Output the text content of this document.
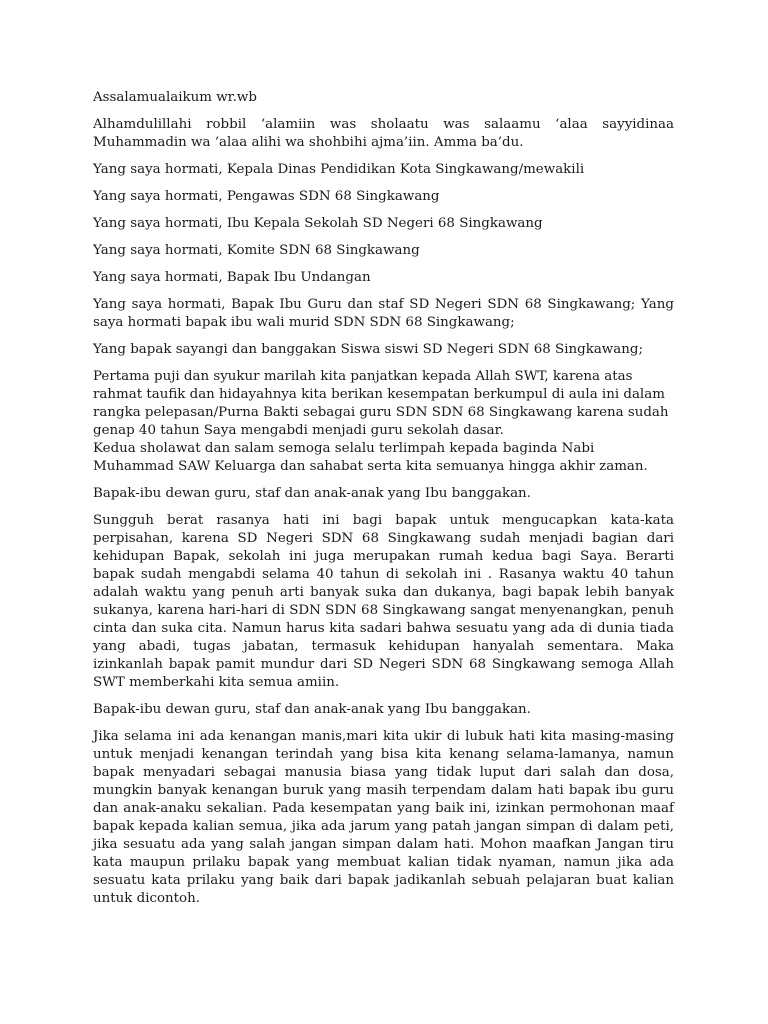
Assalamualaikum wr.wb

Alhamdulillahi robbil ‘alamiin was sholaatu was salaamu ‘alaa sayyidinaa Muhammadin wa ‘alaa alihi wa shohbihi ajma’iin. Amma ba’du.

Yang saya hormati, Kepala Dinas Pendidikan Kota Singkawang/mewakili

Yang saya hormati, Pengawas SDN 68 Singkawang

Yang saya hormati, Ibu Kepala Sekolah SD Negeri 68 Singkawang

Yang saya hormati, Komite SDN 68 Singkawang

Yang saya hormati, Bapak Ibu Undangan

Yang saya hormati, Bapak Ibu Guru dan staf SD Negeri SDN 68 Singkawang; Yang saya hormati bapak ibu wali murid SDN SDN 68 Singkawang;

Yang bapak sayangi dan banggakan Siswa siswi SD Negeri SDN 68 Singkawang;

Pertama puji dan syukur marilah kita panjatkan kepada Allah SWT, karena atas rahmat taufik dan hidayahnya kita berikan kesempatan berkumpul di aula ini dalam rangka pelepasan/Purna Bakti sebagai guru SDN SDN 68 Singkawang karena sudah genap 40 tahun Saya mengabdi menjadi guru sekolah dasar.
Kedua sholawat dan salam semoga selalu terlimpah kepada baginda Nabi Muhammad SAW Keluarga dan sahabat serta kita semuanya hingga akhir zaman.

Bapak-ibu dewan guru, staf dan anak-anak yang Ibu banggakan.

Sungguh berat rasanya hati ini bagi bapak untuk mengucapkan kata-kata perpisahan, karena SD Negeri SDN 68 Singkawang sudah menjadi bagian dari kehidupan Bapak, sekolah ini juga merupakan rumah kedua bagi Saya. Berarti bapak sudah mengabdi selama 40 tahun di sekolah ini . Rasanya waktu 40 tahun adalah waktu yang penuh arti banyak suka dan dukanya, bagi bapak lebih banyak sukanya, karena hari-hari di SDN SDN 68 Singkawang sangat menyenangkan, penuh cinta dan suka cita. Namun harus kita sadari bahwa sesuatu yang ada di dunia tiada yang abadi, tugas jabatan, termasuk kehidupan hanyalah sementara. Maka izinkanlah bapak pamit mundur dari SD Negeri SDN 68 Singkawang semoga Allah SWT memberkahi kita semua amiin.

Bapak-ibu dewan guru, staf dan anak-anak yang Ibu banggakan.

Jika selama ini ada kenangan manis,mari kita ukir di lubuk hati kita masing-masing untuk menjadi kenangan terindah yang bisa kita kenang selama-lamanya, namun bapak menyadari sebagai manusia biasa yang tidak luput dari salah dan dosa, mungkin banyak kenangan buruk yang masih terpendam dalam hati bapak ibu guru dan anak-anaku sekalian. Pada kesempatan yang baik ini, izinkan permohonan maaf bapak kepada kalian semua, jika ada jarum yang patah jangan simpan di dalam peti, jika sesuatu ada yang salah jangan simpan dalam hati. Mohon maafkan Jangan tiru kata maupun prilaku bapak yang membuat kalian tidak nyaman, namun jika ada sesuatu kata prilaku yang baik dari bapak jadikanlah sebuah pelajaran buat kalian untuk dicontoh.
